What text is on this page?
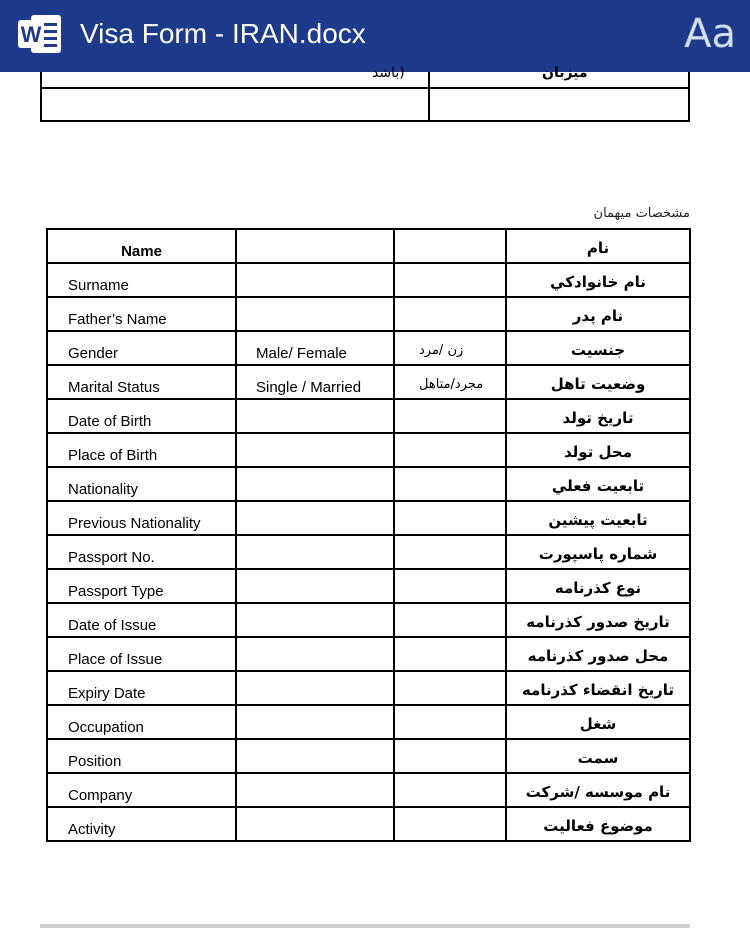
W Visa Form - IRAN.docx	Aa
باشد)	میزبان
مشخصات میهمان
Name			نام
Surname			نام خانوادكي
Father’s Name			نام پدر
Gender	Male/ Female	زن /مرد	جنسيت
Marital Status	Single / Married	مجرد/متاهل	وضعيت تاهل
Date of Birth			تاريخ تولد
Place of Birth			محل تولد
Nationality			تابعيت فعلي
Previous Nationality			تابعيت پيشين
Passport No.			شماره پاسپورت
Passport Type			نوع كذرنامه
Date of Issue			تاريخ صدور كذرنامه
Place of Issue			محل صدور كذرنامه
Expiry Date			تاريخ انقضاء كذرنامه
Occupation			شغل
Position			سمت
Company			نام موسسه /شركت
Activity			موضوع فعاليت
